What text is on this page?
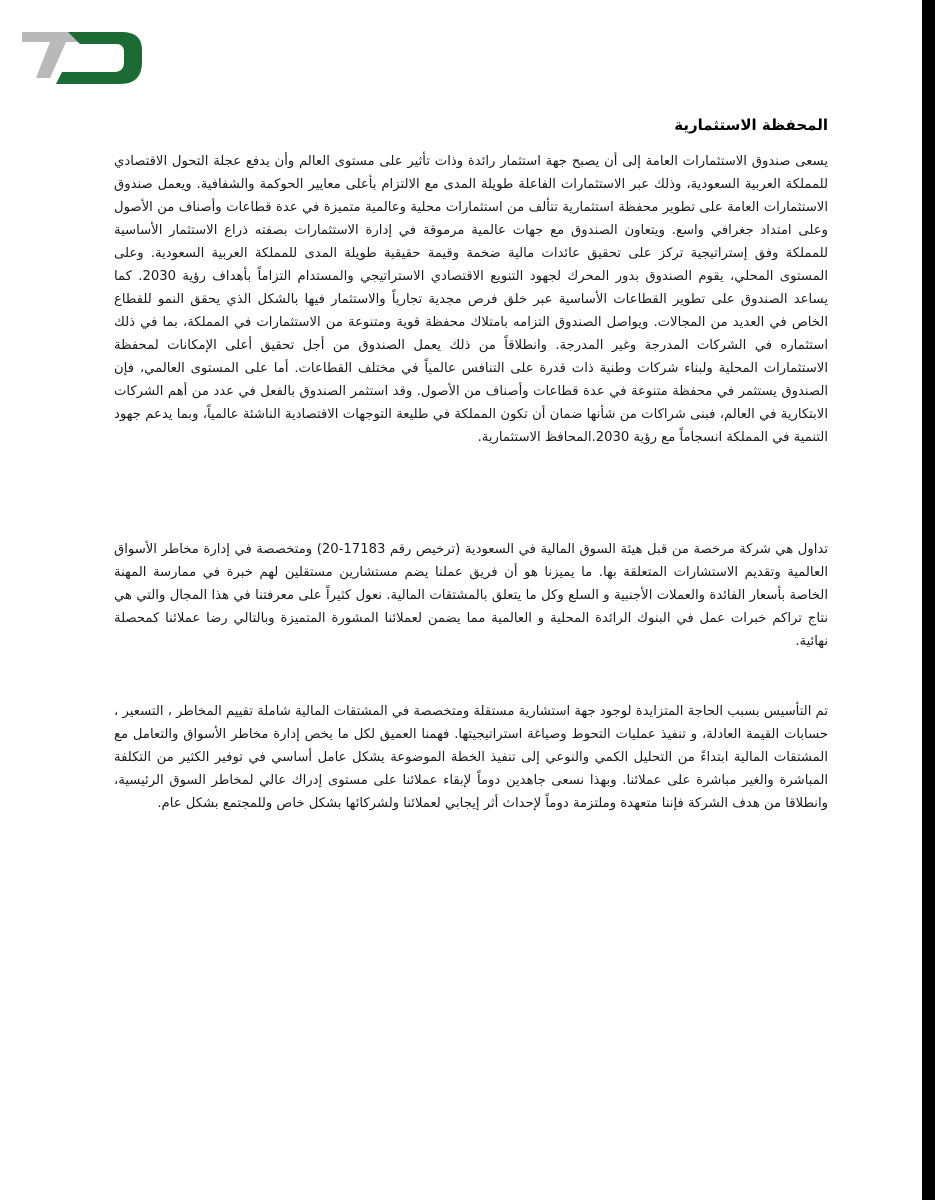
المحفظة الاستثمارية

يسعى صندوق الاستثمارات العامة إلى أن يصبح جهة استثمار رائدة وذات تأثير على مستوى العالم وأن يدفع عجلة التحول الاقتصادي للمملكة العربية السعودية، وذلك عبر الاستثمارات الفاعلة طويلة المدى مع الالتزام بأعلى معايير الحوكمة والشفافية. ويعمل صندوق الاستثمارات العامة على تطوير محفظة استثمارية تتألف من استثمارات محلية وعالمية متميزة في عدة قطاعات وأصناف من الأصول وعلى امتداد جغرافي واسع. ويتعاون الصندوق مع جهات عالمية مرموقة في إدارة الاستثمارات بصفته ذراع الاستثمار الأساسية للمملكة وفق إستراتيجية تركز على تحقيق عائدات مالية ضخمة وقيمة حقيقية طويلة المدى للمملكة العربية السعودية. وعلى المستوى المحلي، يقوم الصندوق بدور المحرك لجهود التنويع الاقتصادي الاستراتيجي والمستدام التزاماً بأهداف رؤية 2030. كما يساعد الصندوق على تطوير القطاعات الأساسية عبر خلق فرص مجدية تجارياً والاستثمار فيها بالشكل الذي يحقق النمو للقطاع الخاص في العديد من المجالات. ويواصل الصندوق التزامه بامتلاك محفظة قوية ومتنوعة من الاستثمارات في المملكة، بما في ذلك استثماره في الشركات المدرجة وغير المدرجة. وانطلاقاً من ذلك يعمل الصندوق من أجل تحقيق أعلى الإمكانات لمحفظة الاستثمارات المحلية ولبناء شركات وطنية ذات قدرة على التنافس عالمياً في مختلف القطاعات. أما على المستوى العالمي، فإن الصندوق يستثمر في محفظة متنوعة في عدة قطاعات وأصناف من الأصول. وقد استثمر الصندوق بالفعل في عدد من أهم الشركات الابتكارية في العالم، فبنى شراكات من شأنها ضمان أن تكون المملكة في طليعة التوجهات الاقتصادية الناشئة عالمياً، وبما يدعم جهود التنمية في المملكة انسجاماً مع رؤية 2030.المحافظ الاستثمارية.

تداول هي شركة مرخصة من قبل هيئة السوق المالية في السعودية (ترخيص رقم 17183-20) ومتخصصة في إدارة مخاطر الأسواق العالمية وتقديم الاستشارات المتعلقة بها. ما يميزنا هو أن فريق عملنا يضم مستشارين مستقلين لهم خبرة في ممارسة المهنة الخاصة بأسعار الفائدة والعملات الأجنبية و السلع وكل ما يتعلق بالمشتقات المالية. نعول كثيراً على معرفتنا في هذا المجال والتي هي نتاج تراكم خبرات عمل في البنوك الرائدة المحلية و العالمية مما يضمن لعملائنا المشورة المتميزة وبالتالي رضا عملائنا كمحصلة نهائية.

تم التأسيس بسبب الحاجة المتزايدة لوجود جهة استشارية مستقلة ومتخصصة في المشتقات المالية شاملة تقييم المخاطر ، التسعير ، حسابات القيمة العادلة، و تنفيذ عمليات التحوط وصياغة استراتيجيتها. فهمنا العميق لكل ما يخص إدارة مخاطر الأسواق والتعامل مع المشتقات المالية ابتداءً من التحليل الكمي والنوعي إلى تنفيذ الخطة الموضوعة يشكل عامل أساسي في توفير الكثير من التكلفة المباشرة والغير مباشرة على عملائنا. وبهذا نسعى جاهدين دوماً لإبقاء عملائنا على مستوى إدراك عالي لمخاطر السوق الرئيسية، وانطلاقا من هدف الشركة فإننا متعهدة وملتزمة دوماً لإحداث أثر إيجابي لعملائنا ولشركائها بشكل خاص وللمجتمع بشكل عام.
